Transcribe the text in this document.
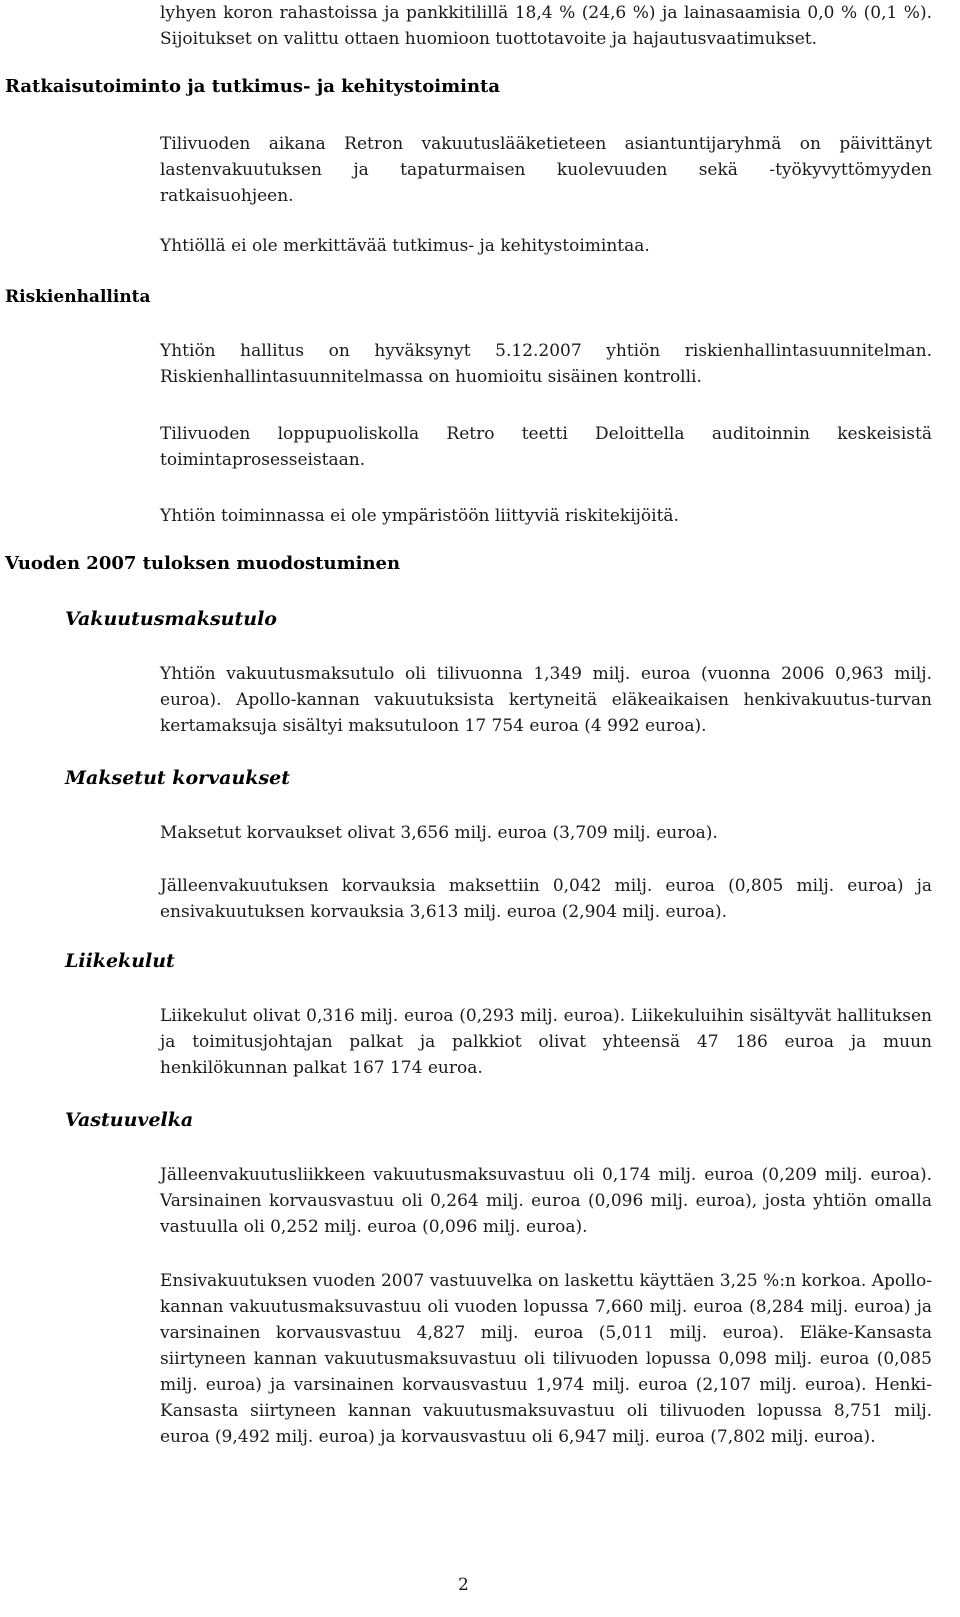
lyhyen koron rahastoissa ja pankkitilillä 18,4 % (24,6 %) ja lainasaamisia 0,0 % (0,1 %). Sijoitukset on valittu ottaen huomioon tuottotavoite ja hajautusvaatimukset.

Ratkaisutoiminto ja tutkimus- ja kehitystoiminta

Tilivuoden aikana Retron vakuutuslääketieteen asiantuntijaryhmä on päivittänyt lastenvakuutuksen ja tapaturmaisen kuolevuuden sekä -työkyvyttömyyden ratkaisuohjeen.

Yhtiöllä ei ole merkittävää tutkimus- ja kehitystoimintaa.

Riskienhallinta

Yhtiön hallitus on hyväksynyt 5.12.2007 yhtiön riskienhallintasuunnitelman. Riskienhallintasuunnitelmassa on huomioitu sisäinen kontrolli.

Tilivuoden loppupuoliskolla Retro teetti Deloittella auditoinnin keskeisistä toimintaprosesseistaan.

Yhtiön toiminnassa ei ole ympäristöön liittyviä riskitekijöitä.

Vuoden 2007 tuloksen muodostuminen
Vakuutusmaksutulo

Yhtiön vakuutusmaksutulo oli tilivuonna 1,349 milj. euroa (vuonna 2006 0,963 milj. euroa). Apollo-kannan vakuutuksista kertyneitä eläkeaikaisen henkivakuutus-turvan kertamaksuja sisältyi maksutuloon 17 754 euroa (4 992 euroa).

Maksetut korvaukset

Maksetut korvaukset olivat 3,656 milj. euroa (3,709 milj. euroa).

Jälleenvakuutuksen korvauksia maksettiin 0,042 milj. euroa (0,805 milj. euroa) ja ensivakuutuksen korvauksia 3,613 milj. euroa (2,904 milj. euroa).

Liikekulut

Liikekulut olivat 0,316 milj. euroa (0,293 milj. euroa). Liikekuluihin sisältyvät hallituksen ja toimitusjohtajan palkat ja palkkiot olivat yhteensä 47 186 euroa ja muun henkilökunnan palkat 167 174 euroa.

Vastuuvelka

Jälleenvakuutusliikkeen vakuutusmaksuvastuu oli 0,174 milj. euroa (0,209 milj. euroa). Varsinainen korvausvastuu oli 0,264 milj. euroa (0,096 milj. euroa), josta yhtiön omalla vastuulla oli 0,252 milj. euroa (0,096 milj. euroa).

Ensivakuutuksen vuoden 2007 vastuuvelka on laskettu käyttäen 3,25 %:n korkoa. Apollo-kannan vakuutusmaksuvastuu oli vuoden lopussa 7,660 milj. euroa (8,284 milj. euroa) ja varsinainen korvausvastuu 4,827 milj. euroa (5,011 milj. euroa). Eläke-Kansasta siirtyneen kannan vakuutusmaksuvastuu oli tilivuoden lopussa 0,098 milj. euroa (0,085 milj. euroa) ja varsinainen korvausvastuu 1,974 milj. euroa (2,107 milj. euroa). Henki-Kansasta siirtyneen kannan vakuutusmaksuvastuu oli tilivuoden lopussa 8,751 milj. euroa (9,492 milj. euroa) ja korvausvastuu oli 6,947 milj. euroa (7,802 milj. euroa).

2
